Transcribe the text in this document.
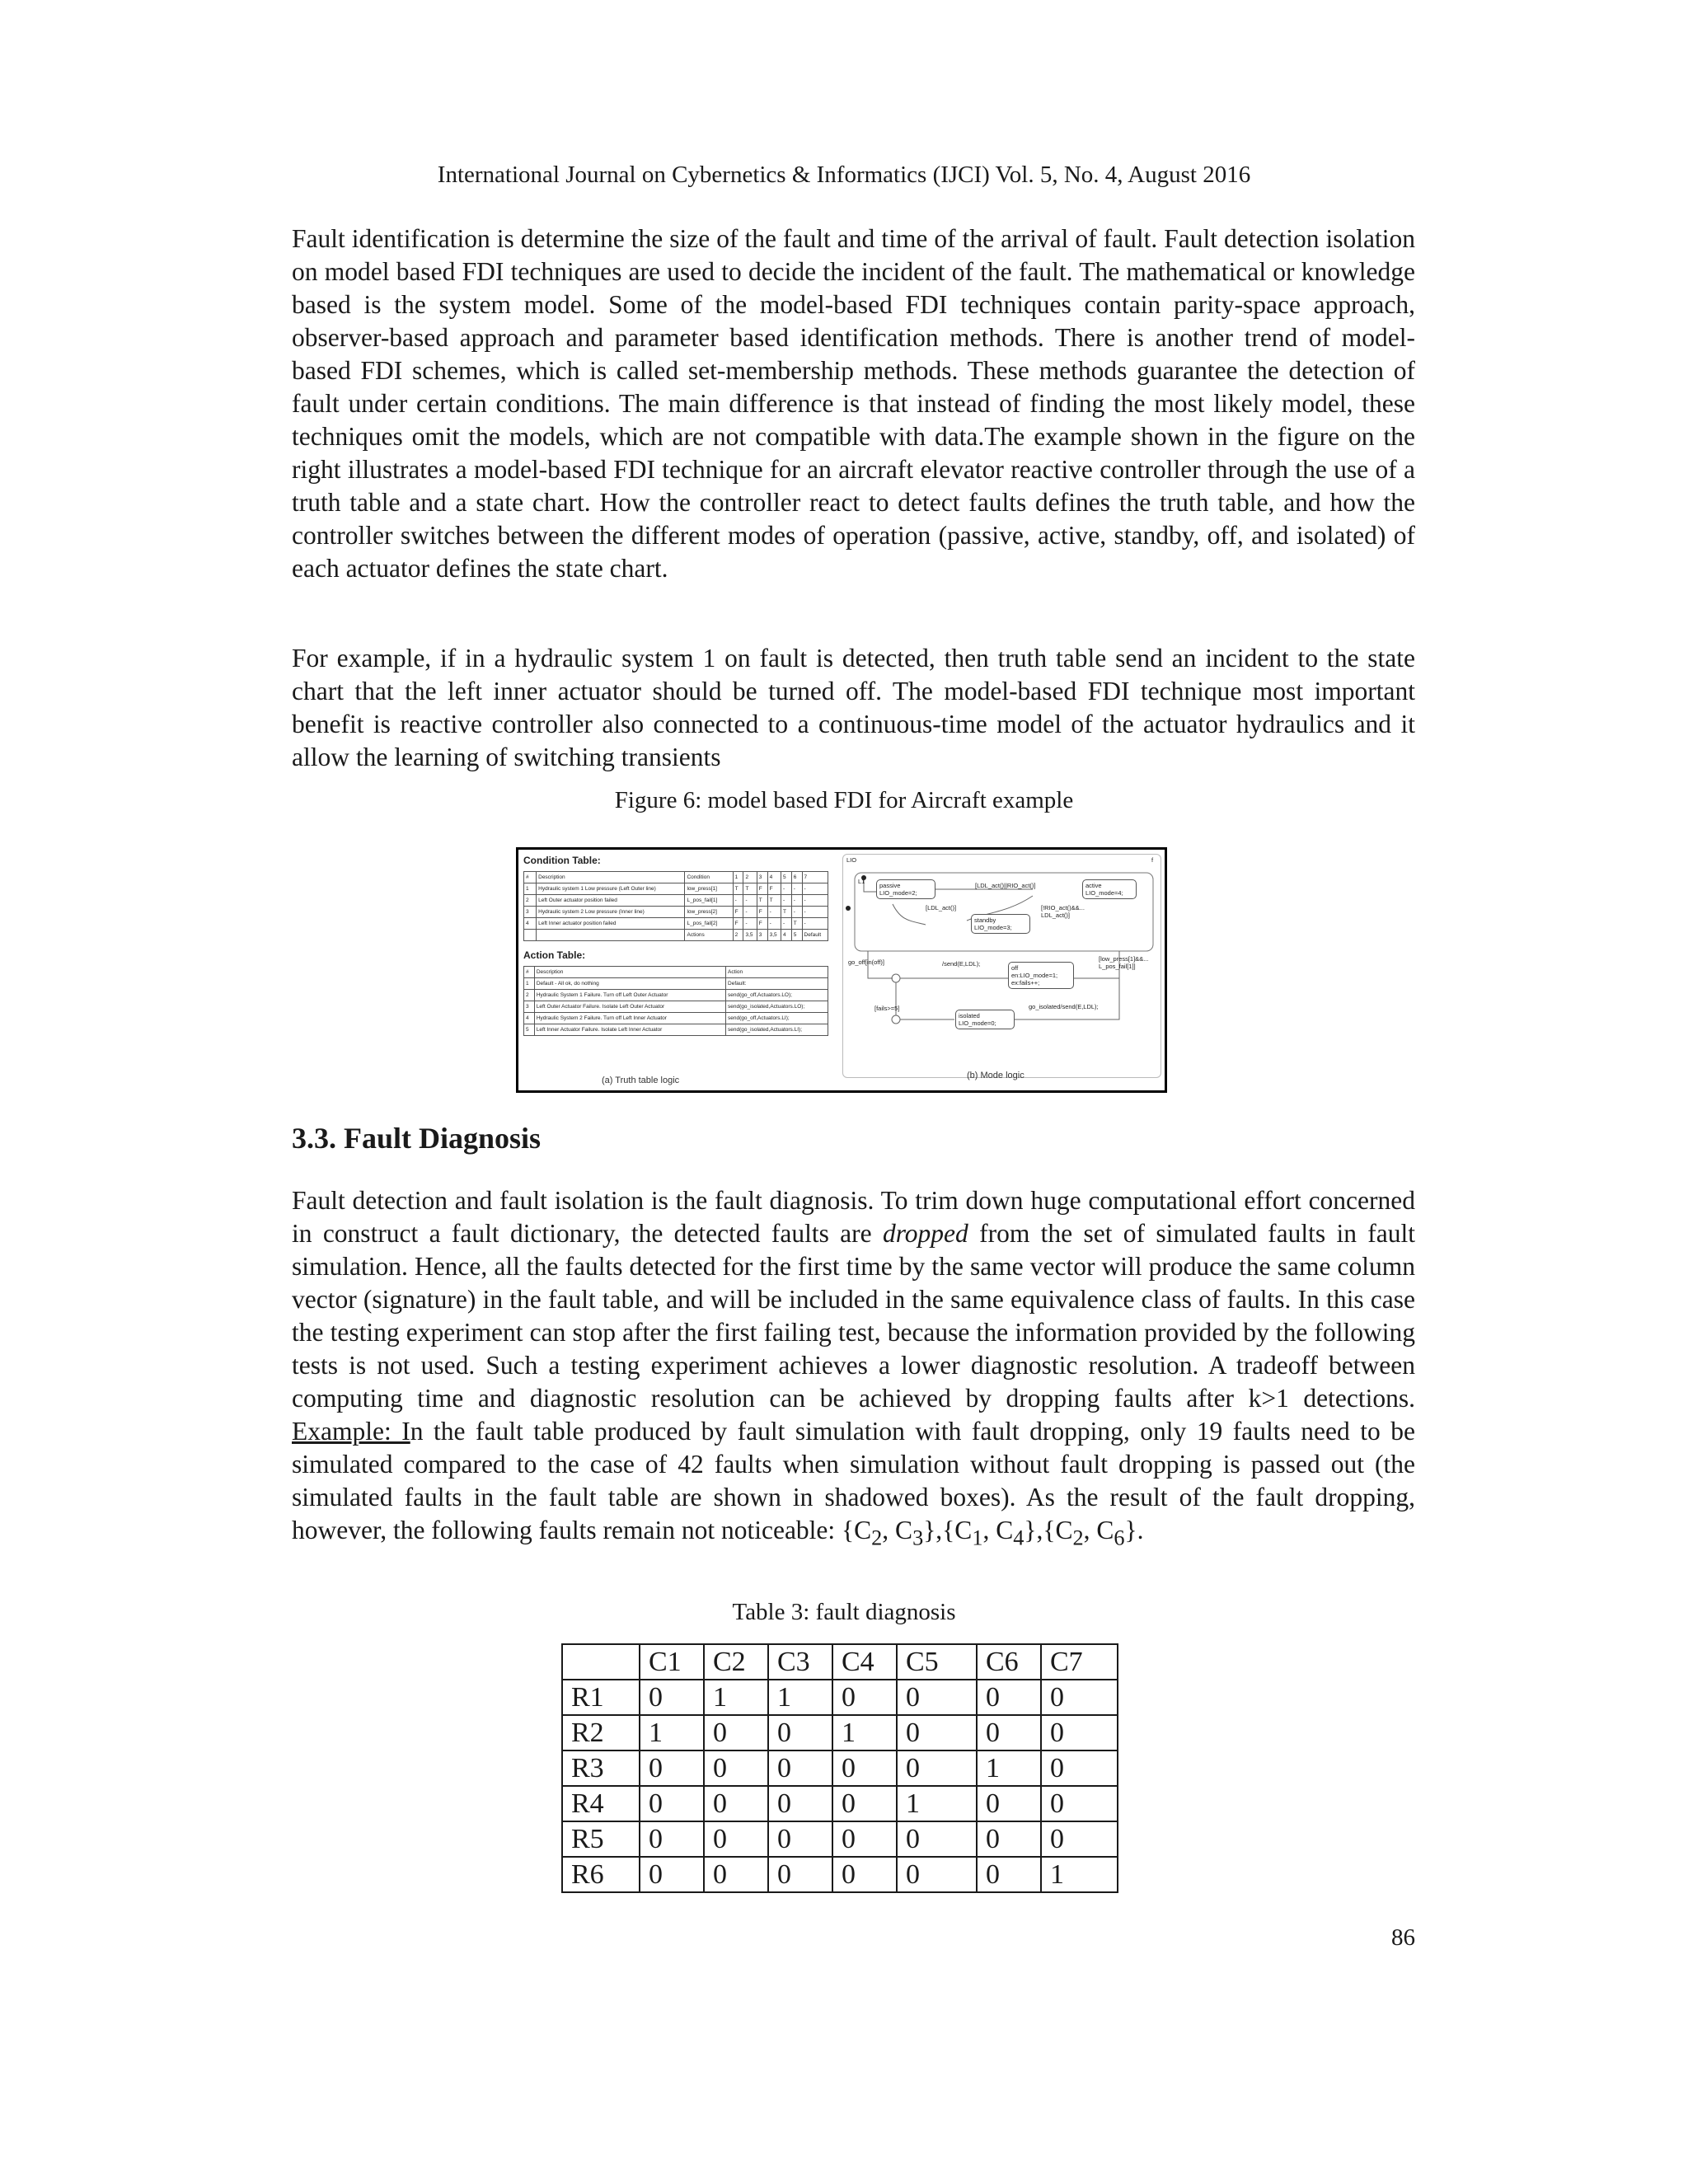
International Journal on Cybernetics & Informatics (IJCI) Vol. 5, No. 4, August 2016

Fault identification is determine the size of the fault and time of the arrival of fault. Fault detection isolation on model based FDI techniques are used to decide the incident of the fault. The mathematical or knowledge based is the system model. Some of the model-based FDI techniques contain parity-space approach, observer-based approach and parameter based identification methods. There is another trend of model-based FDI schemes, which is called set-membership methods. These methods guarantee the detection of fault under certain conditions. The main difference is that instead of finding the most likely model, these techniques omit the models, which are not compatible with data.The example shown in the figure on the right illustrates a model-based FDI technique for an aircraft elevator reactive controller through the use of a truth table and a state chart. How the controller react to detect faults defines the truth table, and how the controller switches between the different modes of operation (passive, active, standby, off, and isolated) of each actuator defines the state chart.

For example, if in a hydraulic system 1 on fault is detected, then truth table send an incident to the state chart that the left inner actuator should be turned off. The model-based FDI technique most important benefit is reactive controller also connected to a continuous-time model of the actuator hydraulics and it allow the learning of switching transients

Figure 6: model based FDI for Aircraft example
Condition Table:
#	Description	Condition	1	2	3	4	5	6	7
1	Hydraulic system 1 Low pressure (Left Outer line)	low_press[1]	T	T	F	F	-	-	-
2	Left Outer actuator position failed	L_pos_fail[1]	-	-	T	T	-	-	-
3	Hydraulic system 2 Low pressure (Inner line)	low_press[2]	F	-	F	-	T	-	-
4	Left Inner actuator position failed	L_pos_fail[2]	F	-	F	-	-	T	-
		Actions	2	3,5	3	3,5	4	5	Default
Action Table:
#	Description	Action
1	Default - All ok, do nothing	Default:
2	Hydraulic System 1 Failure. Turn off Left Outer Actuator	send(go_off,Actuators.LO);
3	Left Outer Actuator Failure. Isolate Left Outer Actuator	send(go_isolated,Actuators.LO);
4	Hydraulic System 2 Failure. Turn off Left Inner Actuator	send(go_off,Actuators.LI);
5	Left Inner Actuator Failure. Isolate Left Inner Actuator	send(go_isolated,Actuators.LI);
(a) Truth table logic
LIO	f
L1
passive
LIO_mode=2;
active
LIO_mode=4;
standby
LIO_mode=3;
off
en:LIO_mode=1;
ex:fails++;
isolated
LIO_mode=0;
[LDL_act()||RIO_act()]
[LDL_act()]	[!RIO_act()&&...
LDL_act()]
go_off[in(off)]	/send(E,LDL);
[low_press[1]&&...
L_pos_fail[1]]
[fails>=5]	go_isolated/send(E,LDL);
(b) Mode logic
3.3. Fault Diagnosis

Fault detection and fault isolation is the fault diagnosis. To trim down huge computational effort concerned in construct a fault dictionary, the detected faults are dropped from the set of simulated faults in fault simulation. Hence, all the faults detected for the first time by the same vector will produce the same column vector (signature) in the fault table, and will be included in the same equivalence class of faults. In this case the testing experiment can stop after the first failing test, because the information provided by the following tests is not used. Such a testing experiment achieves a lower diagnostic resolution. A tradeoff between computing time and diagnostic resolution can be achieved by dropping faults after k>1 detections. Example: In the fault table produced by fault simulation with fault dropping, only 19 faults need to be simulated compared to the case of 42 faults when simulation without fault dropping is passed out (the simulated faults in the fault table are shown in shadowed boxes). As the result of the fault dropping, however, the following faults remain not noticeable: {$C_2$, $C_3\},\{C_1$, $C_4\},\{C_2$, $C_6$}.

Table 3: fault diagnosis
	C1	C2	C3	C4	C5	C6	C7
R1	0	1	1	0	0	0	0
R2	1	0	0	1	0	0	0
R3	0	0	0	0	0	1	0
R4	0	0	0	0	1	0	0
R5	0	0	0	0	0	0	0
R6	0	0	0	0	0	0	1
86
